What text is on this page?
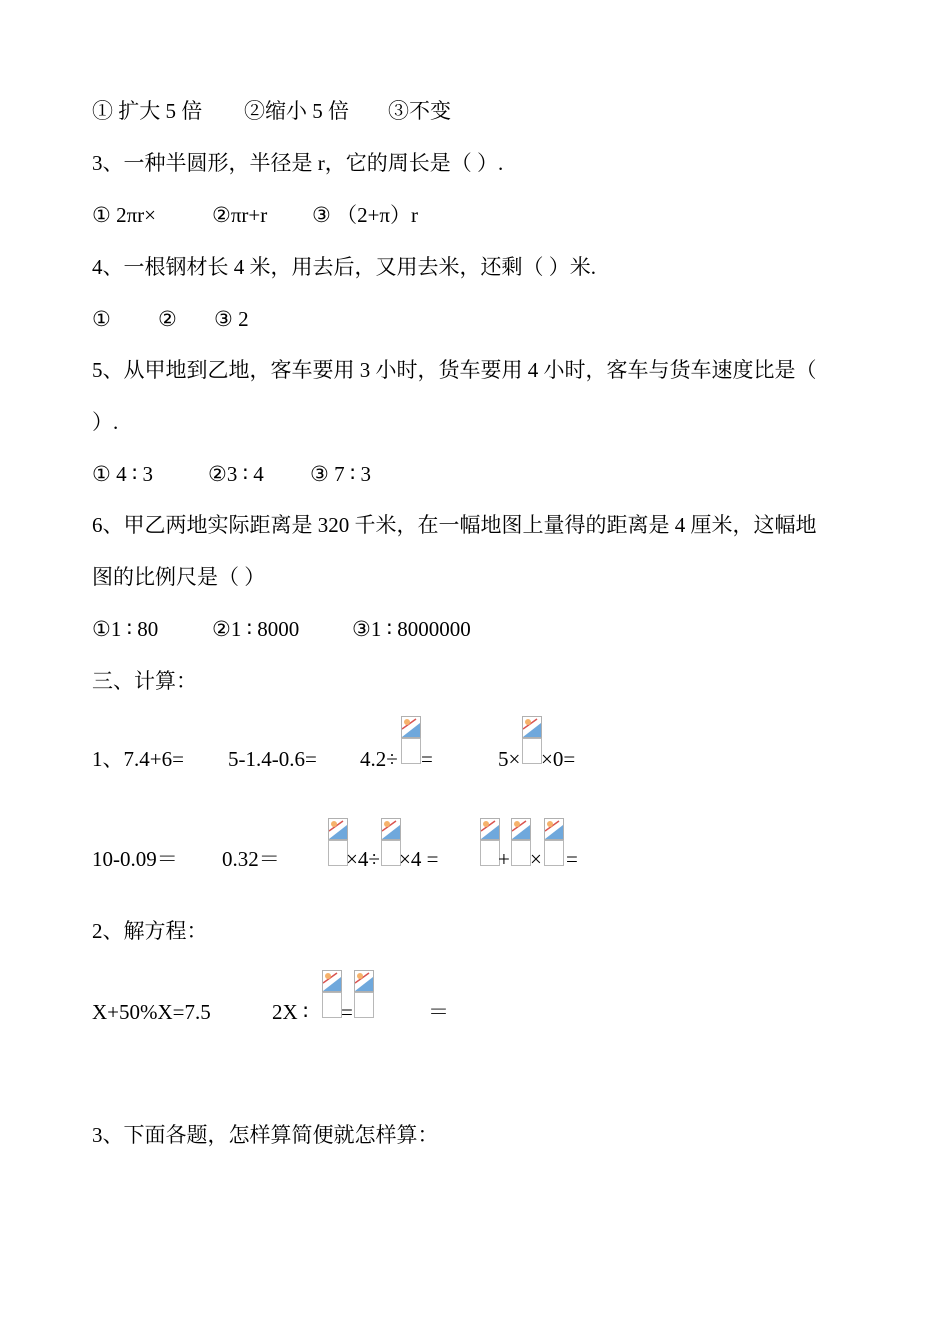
① 扩大 5 倍 ②缩小 5 倍 ③不变
3、一种半圆形，半径是 r，它的周长是（ ）.
① 2πr×	②πr+r ③ （2+π）r
4、一根钢材长 4 米，用去后，又用去米，还剩（ ）米.
① ② ③ 2
5、从甲地到乙地，客车要用 3 小时，货车要用 4 小时，客车与货车速度比是（
）.
① 4 ∶ 3	②3 ∶ 4 ③ 7 ∶ 3
6、甲乙两地实际距离是 320 千米，在一幅地图上量得的距离是 4 厘米，这幅地
图的比例尺是（ ）
①1 ∶ 80	②1 ∶ 8000	③1 ∶ 8000000
三、计算：
1、7.4+6= 5-1.4-0.6= 4.2÷ =	5× ×0=
10-0.09＝ 0.32＝	×4÷ ×4 =	+ × =
2、解方程：
X+50%X=7.5	2X ∶ =	＝
3、下面各题，怎样算简便就怎样算：
